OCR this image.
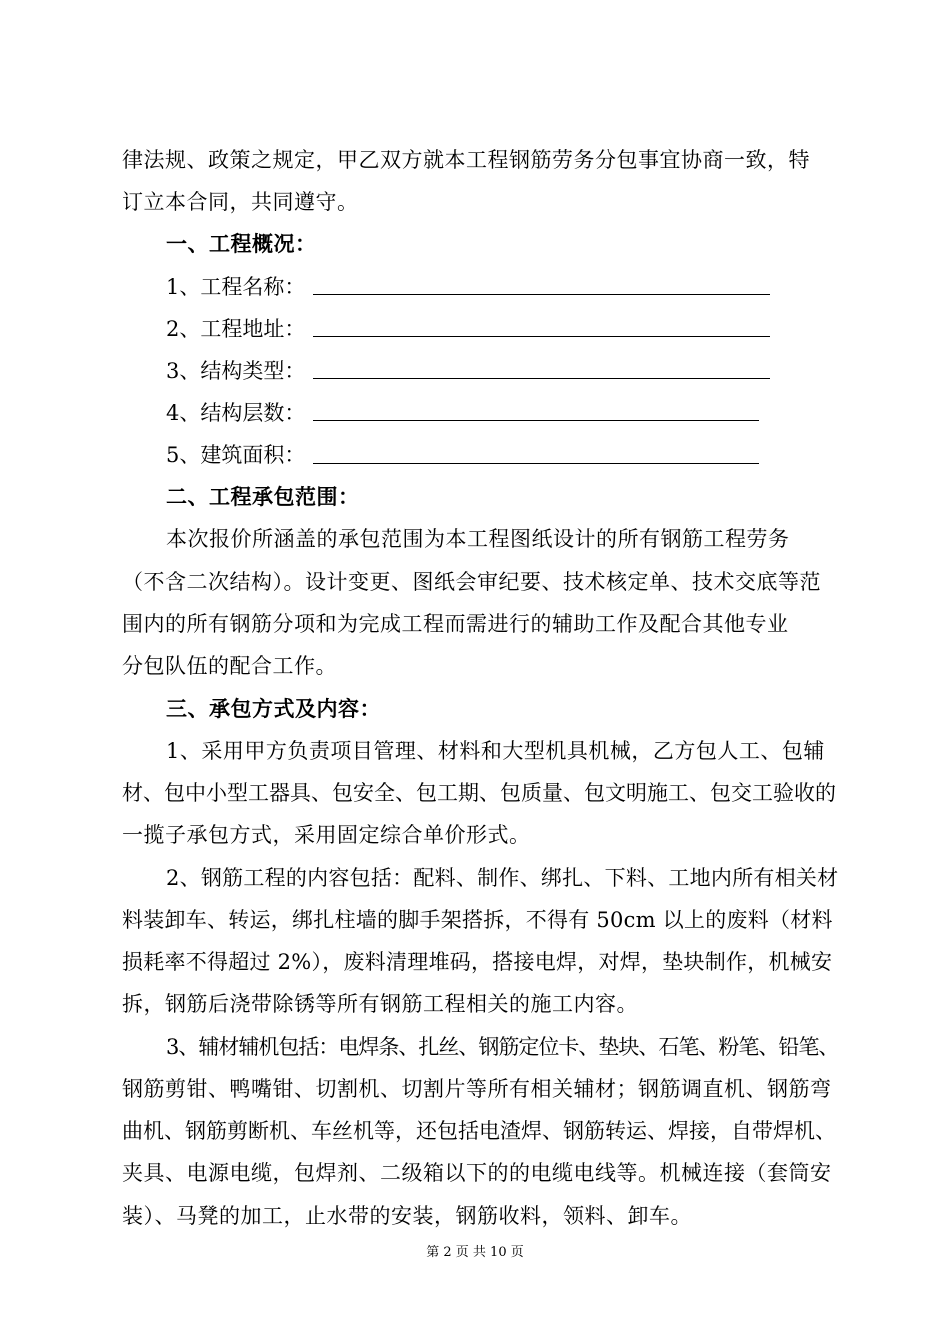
律法规、政策之规定，甲乙双方就本工程钢筋劳务分包事宜协商一致，特
订立本合同，共同遵守。
一、工程概况：
1、工程名称：
2、工程地址：
3、结构类型：
4、结构层数：
5、建筑面积：
二、工程承包范围：
本次报价所涵盖的承包范围为本工程图纸设计的所有钢筋工程劳务
（不含二次结构）。设计变更、图纸会审纪要、技术核定单、技术交底等范
围内的所有钢筋分项和为完成工程而需进行的辅助工作及配合其他专业
分包队伍的配合工作。
三、承包方式及内容：
1、采用甲方负责项目管理、材料和大型机具机械，乙方包人工、包辅
材、包中小型工器具、包安全、包工期、包质量、包文明施工、包交工验收的
一揽子承包方式，采用固定综合单价形式。
2、钢筋工程的内容包括：配料、制作、绑扎、下料、工地内所有相关材
料装卸车、转运，绑扎柱墙的脚手架搭拆，不得有 50cm 以上的废料（材料
损耗率不得超过 2%），废料清理堆码，搭接电焊，对焊，垫块制作，机械安
拆，钢筋后浇带除锈等所有钢筋工程相关的施工内容。
3、辅材辅机包括：电焊条、扎丝、钢筋定位卡、垫块、石笔、粉笔、铅笔、
钢筋剪钳、鸭嘴钳、切割机、切割片等所有相关辅材；钢筋调直机、钢筋弯
曲机、钢筋剪断机、车丝机等，还包括电渣焊、钢筋转运、焊接，自带焊机、
夹具、电源电缆，包焊剂、二级箱以下的的电缆电线等。机械连接（套筒安
装）、马凳的加工，止水带的安装，钢筋收料，领料、卸车。
第 2 页 共 10 页
